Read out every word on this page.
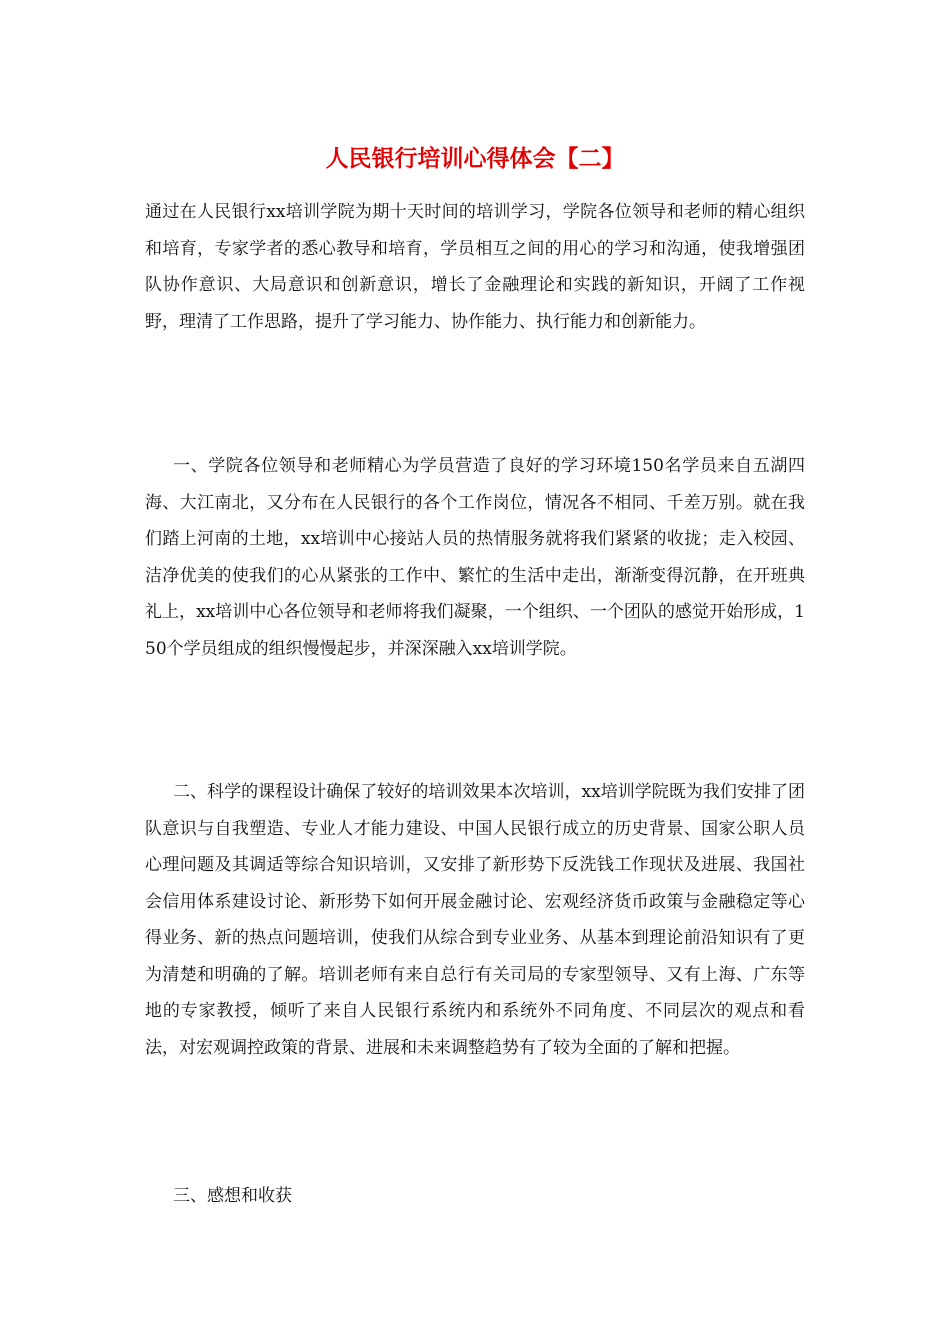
人民银行培训心得体会【二】

通过在人民银行xx培训学院为期十天时间的培训学习，学院各位领导和老师的精心组织和培育，专家学者的悉心教导和培育，学员相互之间的用心的学习和沟通，使我增强团队协作意识、大局意识和创新意识，增长了金融理论和实践的新知识，开阔了工作视野，理清了工作思路，提升了学习能力、协作能力、执行能力和创新能力。

一、学院各位领导和老师精心为学员营造了良好的学习环境150名学员来自五湖四海、大江南北，又分布在人民银行的各个工作岗位，情况各不相同、千差万别。就在我们踏上河南的土地，xx培训中心接站人员的热情服务就将我们紧紧的收拢；走入校园、洁净优美的使我们的心从紧张的工作中、繁忙的生活中走出，渐渐变得沉静，在开班典礼上，xx培训中心各位领导和老师将我们凝聚，一个组织、一个团队的感觉开始形成，150个学员组成的组织慢慢起步，并深深融入xx培训学院。

二、科学的课程设计确保了较好的培训效果本次培训，xx培训学院既为我们安排了团队意识与自我塑造、专业人才能力建设、中国人民银行成立的历史背景、国家公职人员心理问题及其调适等综合知识培训，又安排了新形势下反洗钱工作现状及进展、我国社会信用体系建设讨论、新形势下如何开展金融讨论、宏观经济货币政策与金融稳定等心得业务、新的热点问题培训，使我们从综合到专业业务、从基本到理论前沿知识有了更为清楚和明确的了解。培训老师有来自总行有关司局的专家型领导、又有上海、广东等地的专家教授，倾听了来自人民银行系统内和系统外不同角度、不同层次的观点和看法，对宏观调控政策的背景、进展和未来调整趋势有了较为全面的了解和把握。

三、感想和收获
